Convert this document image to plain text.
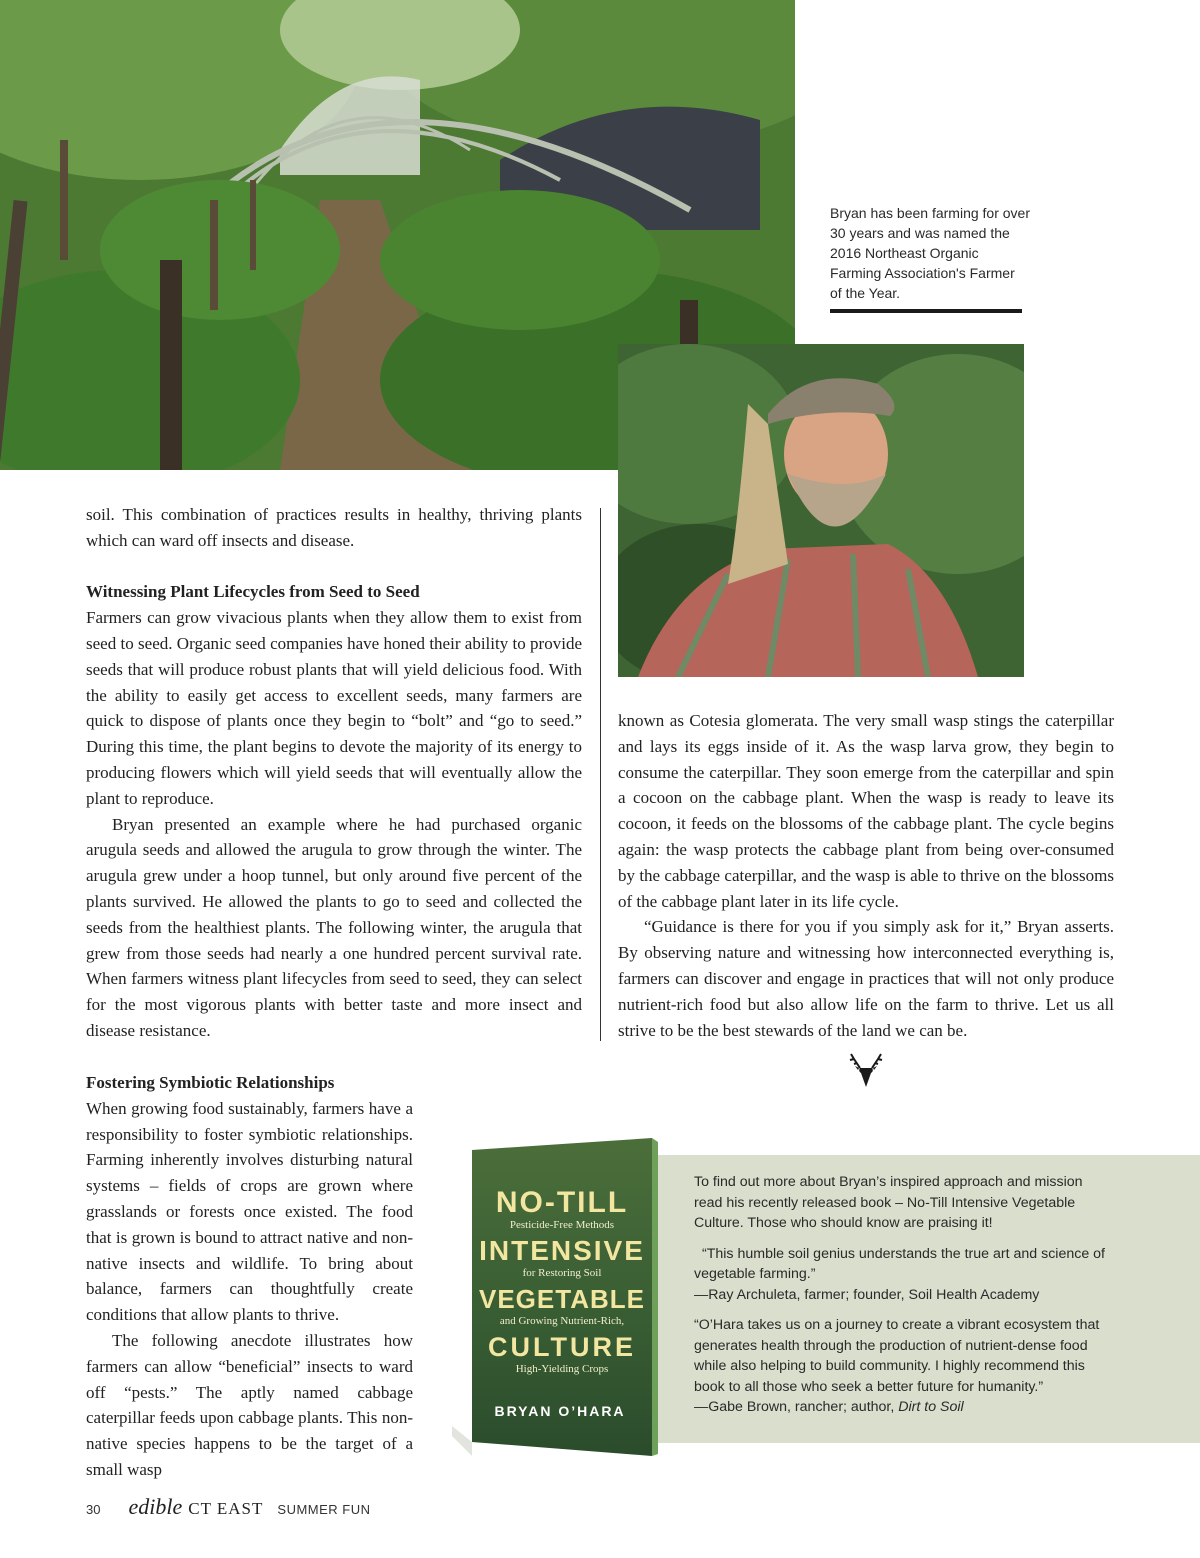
Bryan has been farming for over 30 years and was named the 2016 Northeast Organic Farming Association's Farmer of the Year.

soil. This combination of practices results in healthy, thriving plants which can ward off insects and disease.

Witnessing Plant Lifecycles from Seed to Seed

Farmers can grow vivacious plants when they allow them to exist from seed to seed. Organic seed companies have honed their ability to provide seeds that will produce robust plants that will yield delicious food. With the ability to easily get access to excellent seeds, many farmers are quick to dispose of plants once they begin to “bolt” and “go to seed.” During this time, the plant begins to devote the majority of its energy to producing flowers which will yield seeds that will eventually allow the plant to reproduce.

Bryan presented an example where he had purchased organic arugula seeds and allowed the arugula to grow through the winter. The arugula grew under a hoop tunnel, but only around five percent of the plants survived. He allowed the plants to go to seed and collected the seeds from the healthiest plants. The following winter, the arugula that grew from those seeds had nearly a one hundred percent survival rate. When farmers witness plant lifecycles from seed to seed, they can select for the most vigorous plants with better taste and more insect and disease resistance.

known as Cotesia glomerata. The very small wasp stings the caterpillar and lays its eggs inside of it. As the wasp larva grow, they begin to consume the caterpillar. They soon emerge from the caterpillar and spin a cocoon on the cabbage plant. When the wasp is ready to leave its cocoon, it feeds on the blossoms of the cabbage plant. The cycle begins again: the wasp protects the cabbage plant from being over-consumed by the cabbage caterpillar, and the wasp is able to thrive on the blossoms of the cabbage plant later in its life cycle.

“Guidance is there for you if you simply ask for it,” Bryan asserts. By observing nature and witnessing how interconnected everything is, farmers can discover and engage in practices that will not only produce nutrient-rich food but also allow life on the farm to thrive. Let us all strive to be the best stewards of the land we can be.

Fostering Symbiotic Relationships

When growing food sustainably, farmers have a responsibility to foster symbiotic relationships. Farming inherently involves disturbing natural systems – fields of crops are grown where grasslands or forests once existed. The food that is grown is bound to attract native and non-native insects and wildlife. To bring about balance, farmers can thoughtfully create conditions that allow plants to thrive.

The following anecdote illustrates how farmers can allow “beneficial” insects to ward off “pests.” The aptly named cabbage caterpillar feeds upon cabbage plants. This non-native species happens to be the target of a small wasp

To find out more about Bryan’s inspired approach and mission read his recently released book – No-Till Intensive Vegetable Culture. Those who should know are praising it!

“This humble soil genius understands the true art and science of vegetable farming.”

—Ray Archuleta, farmer; founder, Soil Health Academy

“O’Hara takes us on a journey to create a vibrant ecosystem that generates health through the production of nutrient-dense food while also helping to build community. I highly recommend this book to all those who seek a better future for humanity.”

—Gabe Brown, rancher; author, Dirt to Soil

NO-TILL
Pesticide-Free Methods
INTENSIVE
for Restoring Soil
VEGETABLE
and Growing Nutrient-Rich,
CULTURE
High-Yielding Crops
BRYAN O’HARA
30 edible CT EAST SUMMER FUN
